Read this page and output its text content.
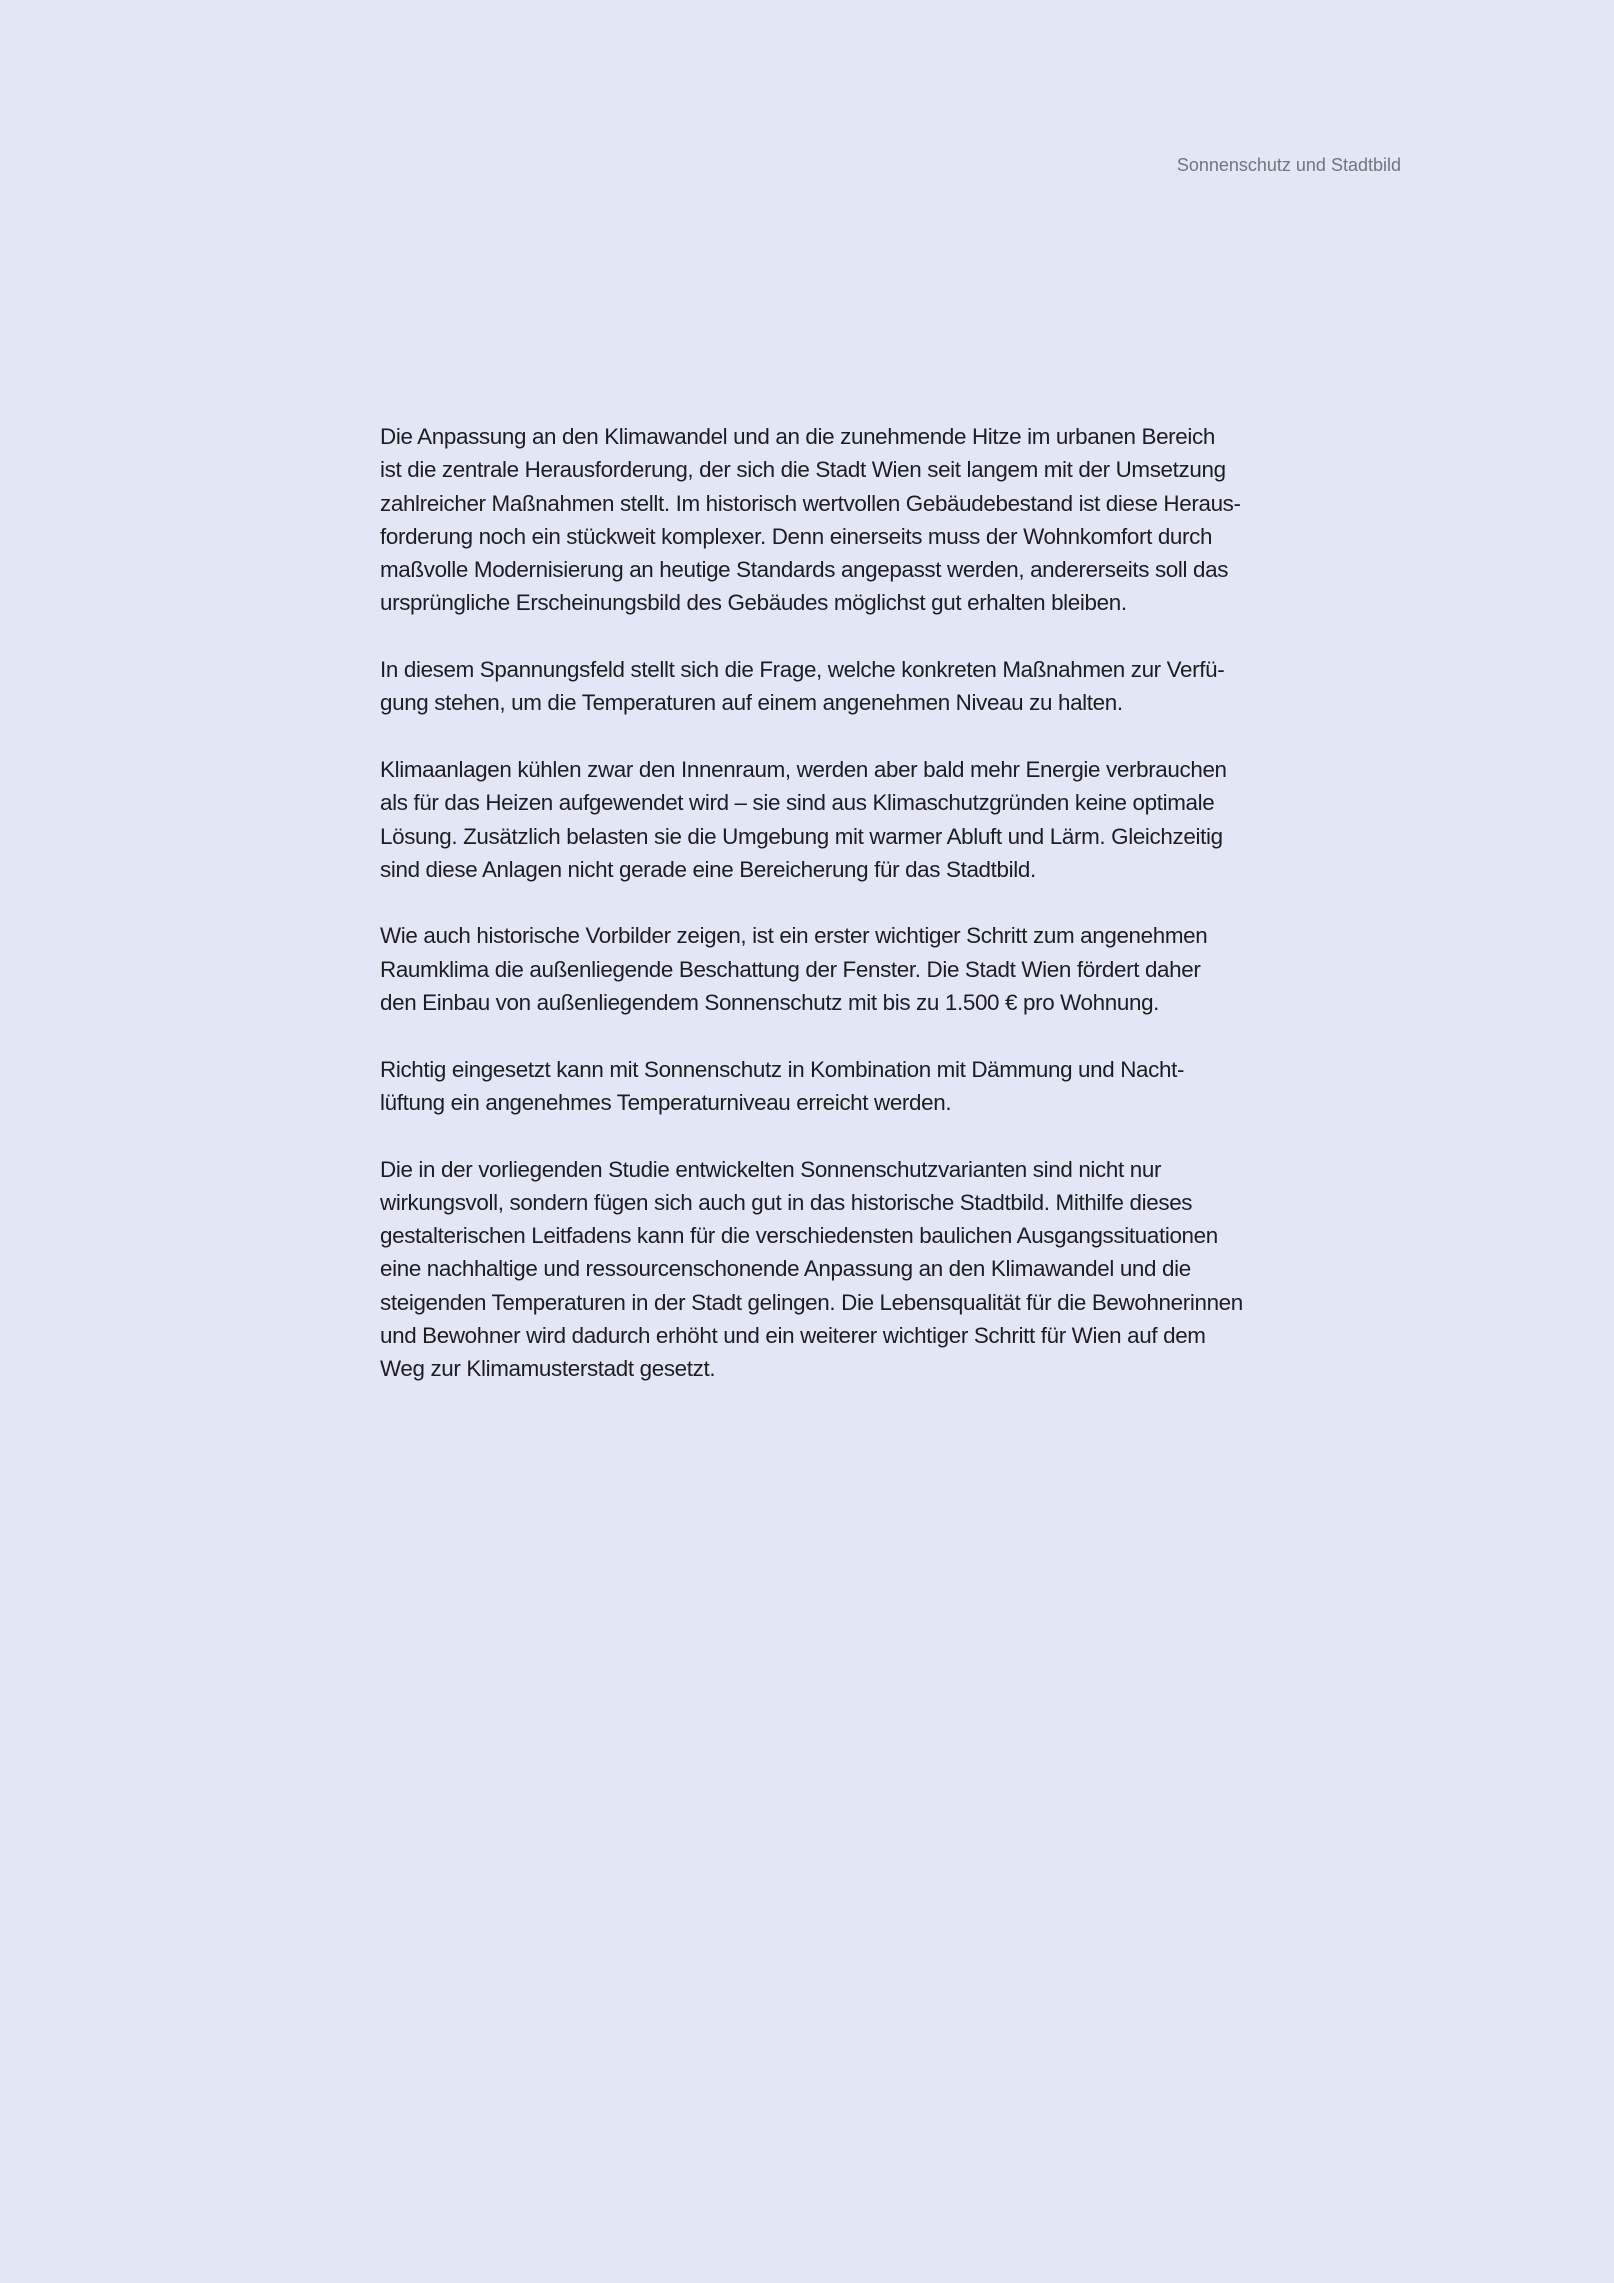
Sonnenschutz und Stadtbild
Die Anpassung an den Klimawandel und an die zunehmende Hitze im urbanen Bereich
ist die zentrale Herausforderung, der sich die Stadt Wien seit langem mit der Umsetzung
zahlreicher Maßnahmen stellt. Im historisch wertvollen Gebäudebestand ist diese Heraus-
forderung noch ein stückweit komplexer. Denn einerseits muss der Wohnkomfort durch
maßvolle Modernisierung an heutige Standards angepasst werden, andererseits soll das
ursprüngliche Erscheinungsbild des Gebäudes möglichst gut erhalten bleiben.
In diesem Spannungsfeld stellt sich die Frage, welche konkreten Maßnahmen zur Verfü-
gung stehen, um die Temperaturen auf einem angenehmen Niveau zu halten.
Klimaanlagen kühlen zwar den Innenraum, werden aber bald mehr Energie verbrauchen
als für das Heizen aufgewendet wird – sie sind aus Klimaschutzgründen keine optimale
Lösung. Zusätzlich belasten sie die Umgebung mit warmer Abluft und Lärm. Gleichzeitig
sind diese Anlagen nicht gerade eine Bereicherung für das Stadtbild.
Wie auch historische Vorbilder zeigen, ist ein erster wichtiger Schritt zum angenehmen
Raumklima die außenliegende Beschattung der Fenster. Die Stadt Wien fördert daher
den Einbau von außenliegendem Sonnenschutz mit bis zu 1.500 € pro Wohnung.
Richtig eingesetzt kann mit Sonnenschutz in Kombination mit Dämmung und Nacht-
lüftung ein angenehmes Temperaturniveau erreicht werden.
Die in der vorliegenden Studie entwickelten Sonnenschutzvarianten sind nicht nur
wirkungsvoll, sondern fügen sich auch gut in das historische Stadtbild. Mithilfe dieses
gestalterischen Leitfadens kann für die verschiedensten baulichen Ausgangssituationen
eine nachhaltige und ressourcenschonende Anpassung an den Klimawandel und die
steigenden Temperaturen in der Stadt gelingen. Die Lebensqualität für die Bewohnerinnen
und Bewohner wird dadurch erhöht und ein weiterer wichtiger Schritt für Wien auf dem
Weg zur Klimamusterstadt gesetzt.
